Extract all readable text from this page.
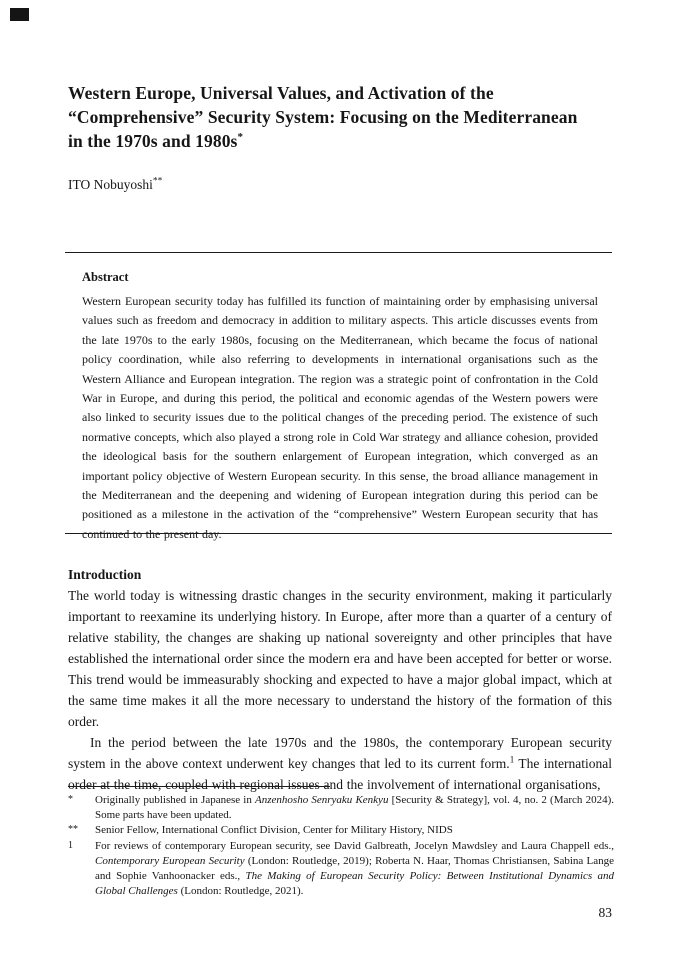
Western Europe, Universal Values, and Activation of the
“Comprehensive” Security System: Focusing on the Mediterranean
in the 1970s and 1980s*
ITO Nobuyoshi**

Abstract

Western European security today has fulfilled its function of maintaining order by emphasising universal values such as freedom and democracy in addition to military aspects. This article discusses events from the late 1970s to the early 1980s, focusing on the Mediterranean, which became the focus of national policy coordination, while also referring to developments in international organisations such as the Western Alliance and European integration. The region was a strategic point of confrontation in the Cold War in Europe, and during this period, the political and economic agendas of the Western powers were also linked to security issues due to the political changes of the preceding period. The existence of such normative concepts, which also played a strong role in Cold War strategy and alliance cohesion, provided the ideological basis for the southern enlargement of European integration, which converged as an important policy objective of Western European security. In this sense, the broad alliance management in the Mediterranean and the deepening and widening of European integration during this period can be positioned as a milestone in the activation of the “comprehensive” Western European security that has continued to the present day.

Introduction

The world today is witnessing drastic changes in the security environment, making it particularly important to reexamine its underlying history. In Europe, after more than a quarter of a century of relative stability, the changes are shaking up national sovereignty and other principles that have established the international order since the modern era and have been accepted for better or worse. This trend would be immeasurably shocking and expected to have a major global impact, which at the same time makes it all the more necessary to understand the history of the formation of this order.

In the period between the late 1970s and the 1980s, the contemporary European security system in the above context underwent key changes that led to its current form.$^1$ The international order at the time, coupled with regional issues and the involvement of international organisations,

*	Originally published in Japanese in Anzenhosho Senryaku Kenkyu [Security & Strategy], vol. 4, no. 2 (March 2024). Some parts have been updated.
**	Senior Fellow, International Conflict Division, Center for Military History, NIDS
1	For reviews of contemporary European security, see David Galbreath, Jocelyn Mawdsley and Laura Chappell eds., Contemporary European Security (London: Routledge, 2019); Roberta N. Haar, Thomas Christiansen, Sabina Lange and Sophie Vanhoonacker eds., The Making of European Security Policy: Between Institutional Dynamics and Global Challenges (London: Routledge, 2021).
83
